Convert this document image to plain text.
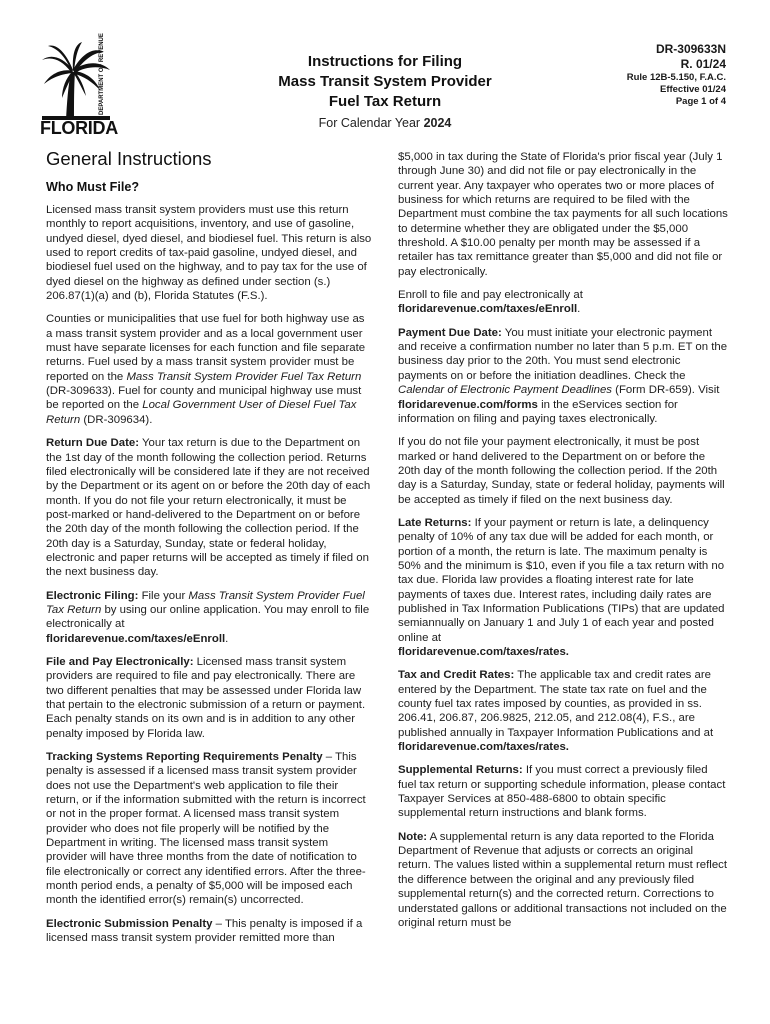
DEPARTMENT OF REVENUE
FLORIDA
Instructions for Filing
Mass Transit System Provider
Fuel Tax Return
For Calendar Year 2024
DR-309633N
R. 01/24
Rule 12B-5.150, F.A.C.
Effective 01/24
Page 1 of 4
General Instructions
Who Must File?

Licensed mass transit system providers must use this return monthly to report acquisitions, inventory, and use of gasoline, undyed diesel, dyed diesel, and biodiesel fuel. This return is also used to report credits of tax-paid gasoline, undyed diesel, and biodiesel fuel used on the highway, and to pay tax for the use of dyed diesel on the highway as defined under section (s.) 206.87(1)(a) and (b), Florida Statutes (F.S.).

Counties or municipalities that use fuel for both highway use as a mass transit system provider and as a local government user must have separate licenses for each function and file separate returns. Fuel used by a mass transit system provider must be reported on the Mass Transit System Provider Fuel Tax Return (DR-309633). Fuel for county and municipal highway use must be reported on the Local Government User of Diesel Fuel Tax Return (DR-309634).

Return Due Date: Your tax return is due to the Department on the 1st day of the month following the collection period. Returns filed electronically will be considered late if they are not received by the Department or its agent on or before the 20th day of each month. If you do not file your return electronically, it must be post-marked or hand-delivered to the Department on or before the 20th day of the month following the collection period. If the 20th day is a Saturday, Sunday, state or federal holiday, electronic and paper returns will be accepted as timely if filed on the next business day.

Electronic Filing: File your Mass Transit System Provider Fuel Tax Return by using our online application. You may enroll to file electronically at
floridarevenue.com/taxes/eEnroll.

File and Pay Electronically: Licensed mass transit system providers are required to file and pay electronically. There are two different penalties that may be assessed under Florida law that pertain to the electronic submission of a return or payment. Each penalty stands on its own and is in addition to any other penalty imposed by Florida law.

Tracking Systems Reporting Requirements Penalty – This penalty is assessed if a licensed mass transit system provider does not use the Department's web application to file their return, or if the information submitted with the return is incorrect or not in the proper format. A licensed mass transit system provider who does not file properly will be notified by the Department in writing. The licensed mass transit system provider will have three months from the date of notification to file electronically or correct any identified errors. After the three-month period ends, a penalty of $5,000 will be imposed each month the identified error(s) remain(s) uncorrected.

Electronic Submission Penalty – This penalty is imposed if a licensed mass transit system provider remitted more than

$5,000 in tax during the State of Florida's prior fiscal year (July 1 through June 30) and did not file or pay electronically in the current year. Any taxpayer who operates two or more places of business for which returns are required to be filed with the Department must combine the tax payments for all such locations to determine whether they are obligated under the $5,000 threshold. A $10.00 penalty per month may be assessed if a retailer has tax remittance greater than $5,000 and did not file or pay electronically.

Enroll to file and pay electronically at
floridarevenue.com/taxes/eEnroll.

Payment Due Date: You must initiate your electronic payment and receive a confirmation number no later than 5 p.m. ET on the business day prior to the 20th. You must send electronic payments on or before the initiation deadlines. Check the Calendar of Electronic Payment Deadlines (Form DR-659). Visit
floridarevenue.com/forms in the eServices section for information on filing and paying taxes electronically.

If you do not file your payment electronically, it must be post marked or hand delivered to the Department on or before the 20th day of the month following the collection period. If the 20th day is a Saturday, Sunday, state or federal holiday, payments will be accepted as timely if filed on the next business day.

Late Returns: If your payment or return is late, a delinquency penalty of 10% of any tax due will be added for each month, or portion of a month, the return is late. The maximum penalty is 50% and the minimum is $10, even if you file a tax return with no tax due. Florida law provides a floating interest rate for late payments of taxes due. Interest rates, including daily rates are published in Tax Information Publications (TIPs) that are updated semiannually on January 1 and July 1 of each year and posted online at
floridarevenue.com/taxes/rates.

Tax and Credit Rates: The applicable tax and credit rates are entered by the Department. The state tax rate on fuel and the county fuel tax rates imposed by counties, as provided in ss. 206.41, 206.87, 206.9825, 212.05, and 212.08(4), F.S., are published annually in Taxpayer Information Publications and at floridarevenue.com/taxes/rates.

Supplemental Returns: If you must correct a previously filed fuel tax return or supporting schedule information, please contact Taxpayer Services at 850-488-6800 to obtain specific supplemental return instructions and blank forms.

Note: A supplemental return is any data reported to the Florida Department of Revenue that adjusts or corrects an original return. The values listed within a supplemental return must reflect the difference between the original and any previously filed supplemental return(s) and the corrected return. Corrections to understated gallons or additional transactions not included on the original return must be
